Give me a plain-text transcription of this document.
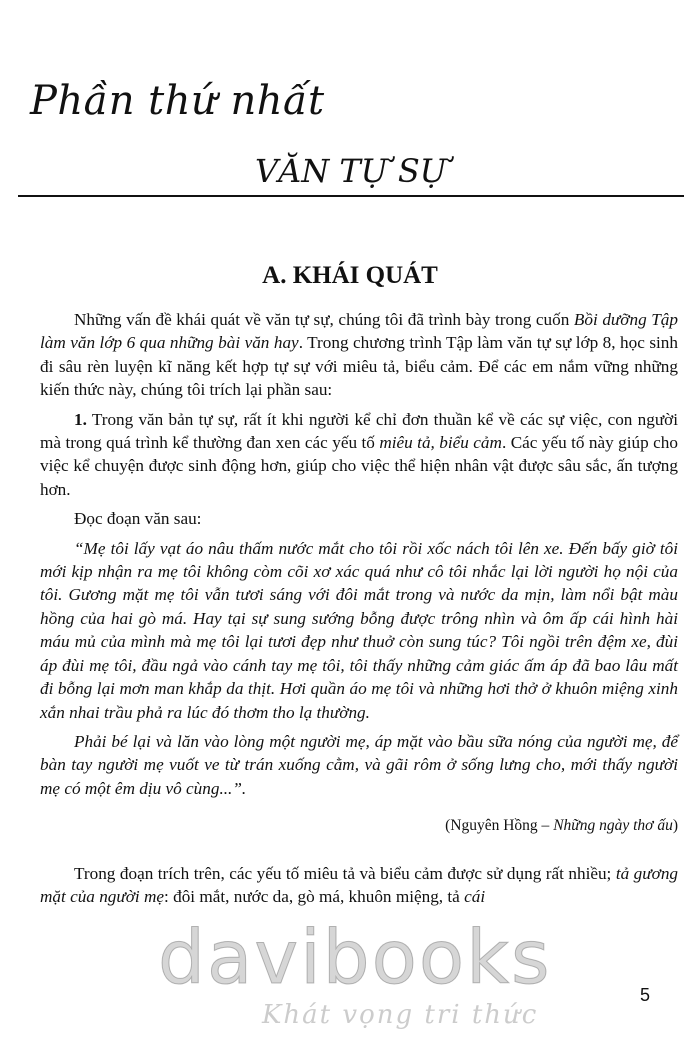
Phần thứ nhất
VĂN TỰ SỰ
A. KHÁI QUÁT

Những vấn đề khái quát về văn tự sự, chúng tôi đã trình bày trong cuốn Bồi dưỡng Tập làm văn lớp 6 qua những bài văn hay. Trong chương trình Tập làm văn tự sự lớp 8, học sinh đi sâu rèn luyện kĩ năng kết hợp tự sự với miêu tả, biểu cảm. Để các em nắm vững những kiến thức này, chúng tôi trích lại phần sau:

1. Trong văn bản tự sự, rất ít khi người kể chỉ đơn thuần kể về các sự việc, con người mà trong quá trình kể thường đan xen các yếu tố miêu tả, biểu cảm. Các yếu tố này giúp cho việc kể chuyện được sinh động hơn, giúp cho việc thể hiện nhân vật được sâu sắc, ấn tượng hơn.

Đọc đoạn văn sau:

“Mẹ tôi lấy vạt áo nâu thấm nước mắt cho tôi rồi xốc nách tôi lên xe. Đến bấy giờ tôi mới kịp nhận ra mẹ tôi không còm cõi xơ xác quá như cô tôi nhắc lại lời người họ nội của tôi. Gương mặt mẹ tôi vẫn tươi sáng với đôi mắt trong và nước da mịn, làm nổi bật màu hồng của hai gò má. Hay tại sự sung sướng bỗng được trông nhìn và ôm ấp cái hình hài máu mủ của mình mà mẹ tôi lại tươi đẹp như thuở còn sung túc? Tôi ngồi trên đệm xe, đùi áp đùi mẹ tôi, đầu ngả vào cánh tay mẹ tôi, tôi thấy những cảm giác ấm áp đã bao lâu mất đi bỗng lại mơn man khắp da thịt. Hơi quần áo mẹ tôi và những hơi thở ở khuôn miệng xinh xắn nhai trầu phả ra lúc đó thơm tho lạ thường.

Phải bé lại và lăn vào lòng một người mẹ, áp mặt vào bầu sữa nóng của người mẹ, để bàn tay người mẹ vuốt ve từ trán xuống cằm, và gãi rôm ở sống lưng cho, mới thấy người mẹ có một êm dịu vô cùng...”.

(Nguyên Hồng – Những ngày thơ ấu)

Trong đoạn trích trên, các yếu tố miêu tả và biểu cảm được sử dụng rất nhiều; tả gương mặt của người mẹ: đôi mắt, nước da, gò má, khuôn miệng, tả cái

davibooks
Khát vọng tri thức
5
